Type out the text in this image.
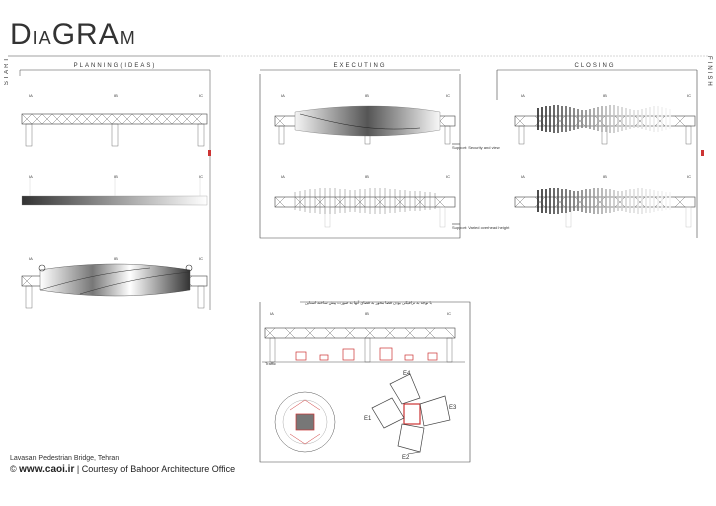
DIAGRAM
START	FINISH
PLANNING(IDEAS)	EXECUTING	CLOSING
IA	IB	IC
IA	IB	IC
IA	IB	IC
IA	IB	IC
IA	IB	IC
IA	IB	IC
IA	IB	IC
IA	IB	IC
Support: Security and view
Support: Varied overhead height
با توجه به ترافیکی بودن فضا محور به فضای آنها به صورت پیش ساخته استاین
Traffic
E4
E3
E1
E2
Lavasan Pedestrian Bridge, Tehran
© www.caoi.ir | Courtesy of Bahoor Architecture Office
